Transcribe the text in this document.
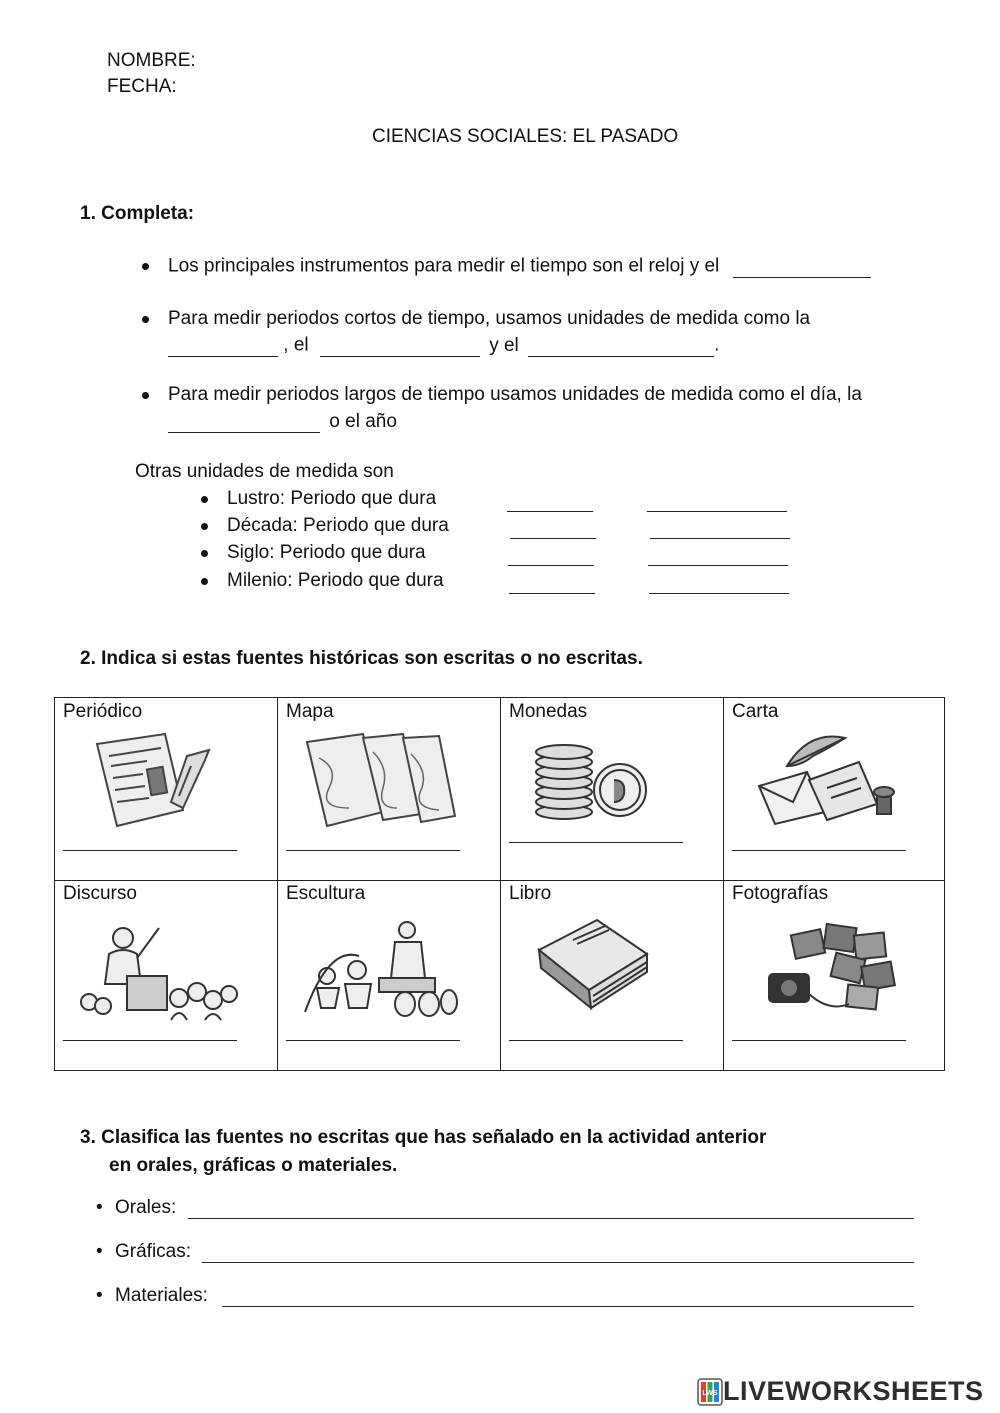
NOMBRE:
FECHA:
CIENCIAS SOCIALES: EL PASADO
1. Completa:
Los principales instrumentos para medir el tiempo son el reloj y el
Para medir periodos cortos de tiempo, usamos unidades de medida como la
, el	y el	.
Para medir periodos largos de tiempo usamos unidades de medida como el día, la
o el año
Otras unidades de medida son
Lustro: Periodo que dura
Década: Periodo que dura
Siglo: Periodo que dura
Milenio: Periodo que dura
2. Indica si estas fuentes históricas son escritas o no escritas.
Periódico	Mapa	Monedas	Carta
Discurso	Escultura	Libro	Fotografías
3. Clasifica las fuentes no escritas que has señalado en la actividad anterior
en orales, gráficas o materiales.
• Orales:
• Gráficas:
• Materiales:
LWS LIVEWORKSHEETS
